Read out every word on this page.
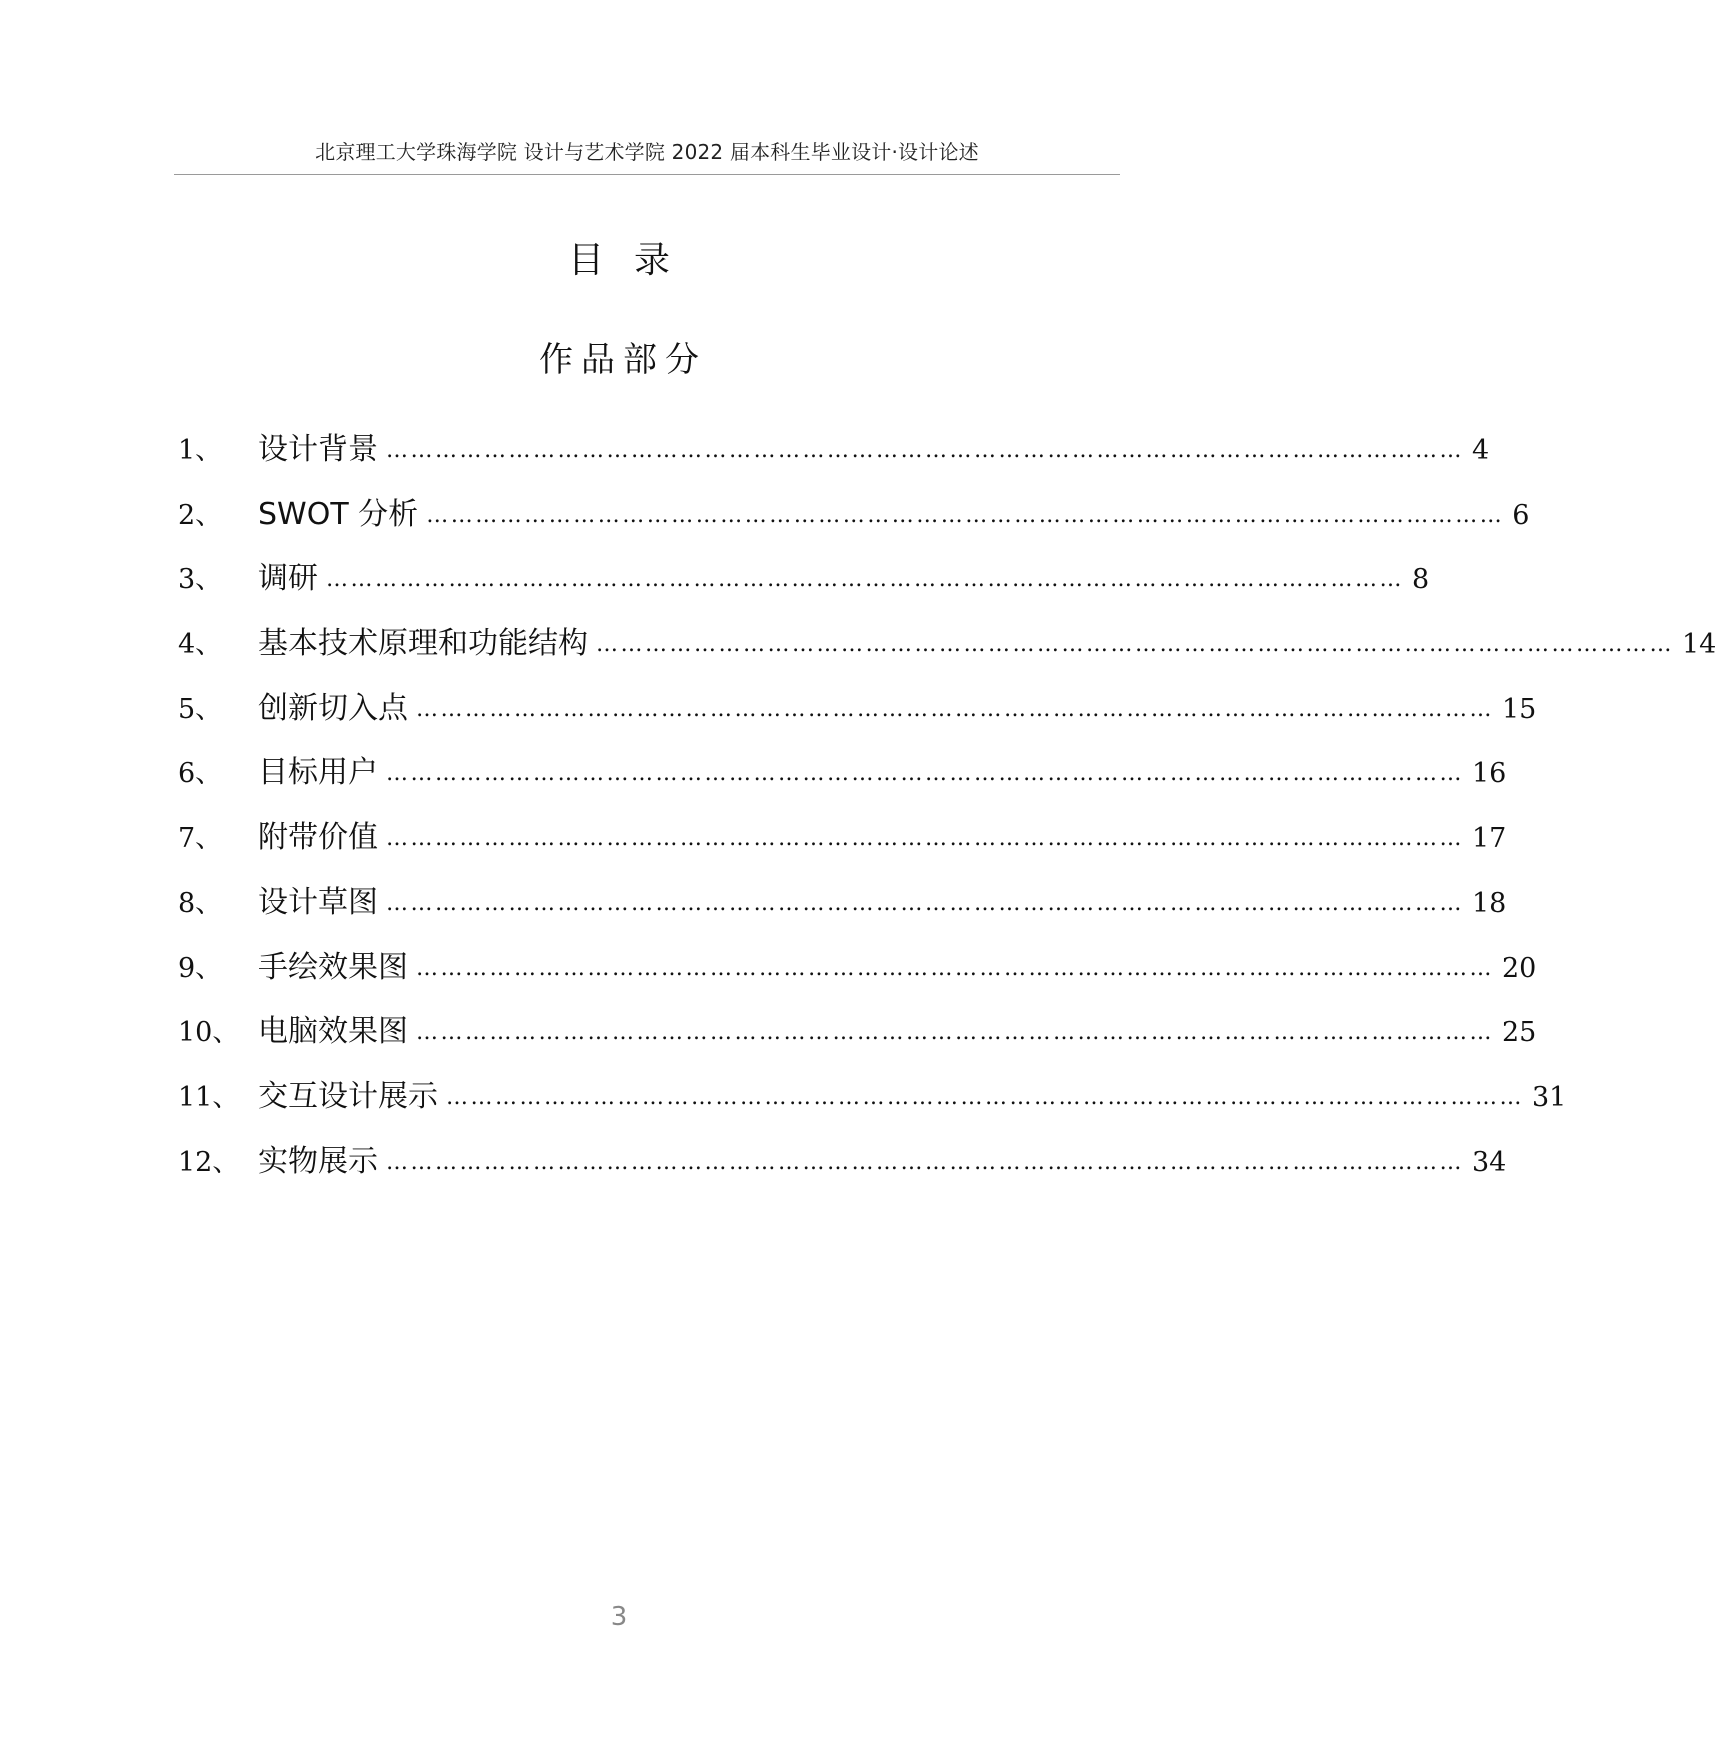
北京理工大学珠海学院 设计与艺术学院 2022 届本科生毕业设计·设计论述
目录
作品部分
1、	设计背景 …………………………………………………………………………………………………………………… 4
2、	SWOT 分析 …………………………………………………………………………………………………………………… 6
3、	调研 …………………………………………………………………………………………………………………… 8
4、	基本技术原理和功能结构 …………………………………………………………………………………………………………………… 14
5、	创新切入点 …………………………………………………………………………………………………………………… 15
6、	目标用户 …………………………………………………………………………………………………………………… 16
7、	附带价值 …………………………………………………………………………………………………………………… 17
8、	设计草图 …………………………………………………………………………………………………………………… 18
9、	手绘效果图 …………………………………………………………………………………………………………………… 20
10、 电脑效果图 …………………………………………………………………………………………………………………… 25
11、 交互设计展示 …………………………………………………………………………………………………………………… 31
12、 实物展示 …………………………………………………………………………………………………………………… 34
3
